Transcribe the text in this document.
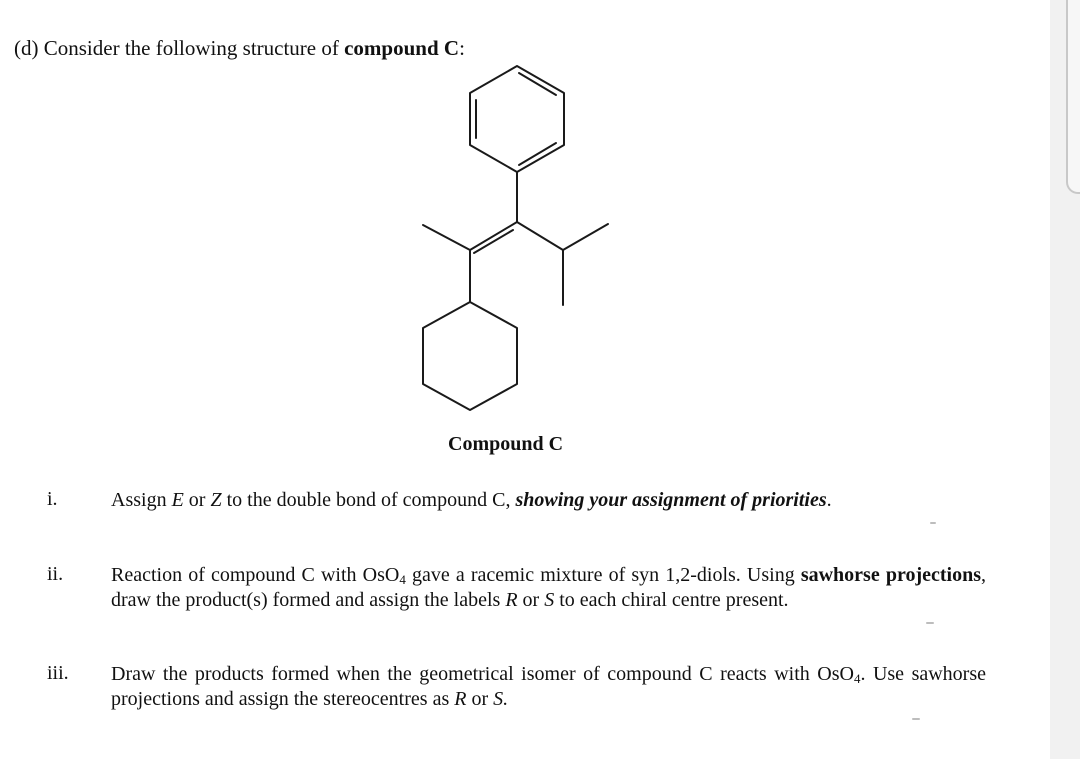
(d) Consider the following structure of compound C:
Compound C
i.	Assign E or Z to the double bond of compound C, showing your assignment of priorities.
ii. Reaction of compound C with OsO$_4$ gave a racemic mixture of syn 1,2-diols. Using sawhorse projections, draw the product(s) formed and assign the labels R or S to each chiral centre present.
iii. Draw the products formed when the geometrical isomer of compound C reacts with OsO$_4$. Use sawhorse projections and assign the stereocentres as R or S.
